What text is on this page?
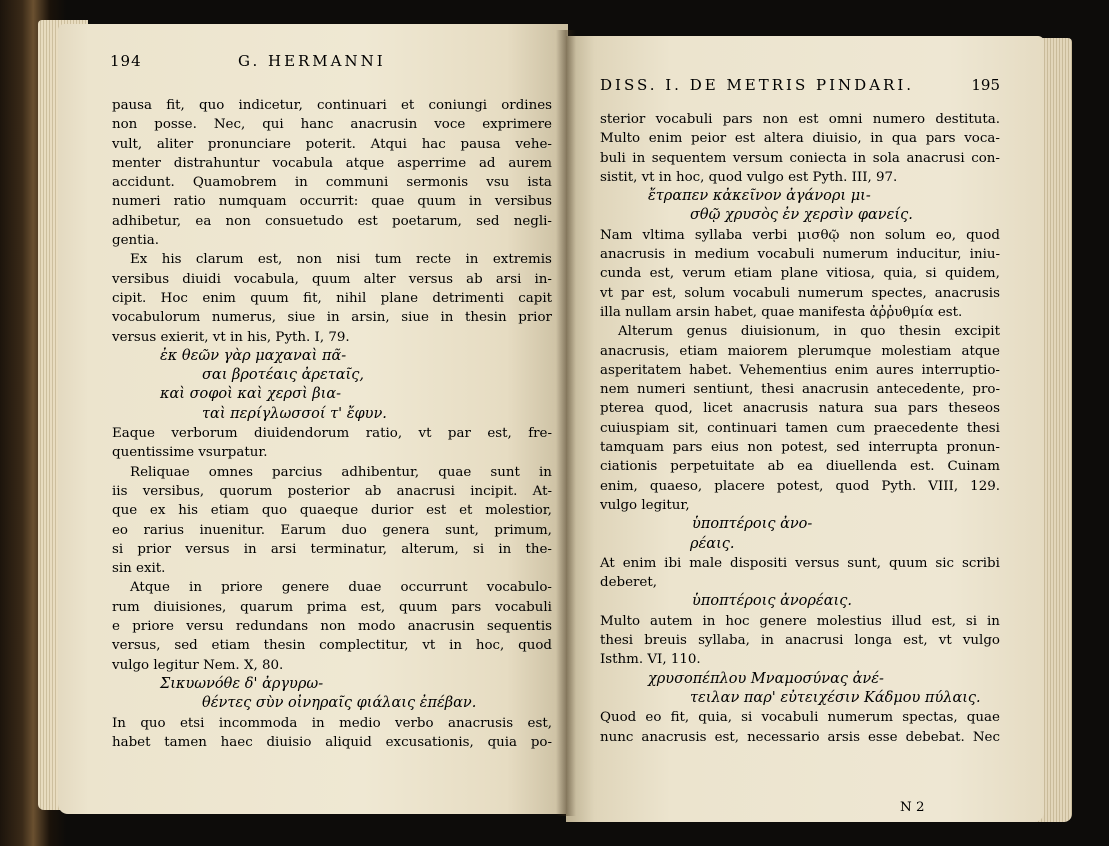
194	G. HERMANNI
DISS. I. DE METRIS PINDARI.	195
pausa fit, quo indicetur, continuari et coniungi ordines
non posse. Nec, qui hanc anacrusin voce exprimere
vult, aliter pronunciare poterit. Atqui hac pausa vehe-
menter distrahuntur vocabula atque asperrime ad aurem
accidunt. Quamobrem in communi sermonis vsu ista
numeri ratio numquam occurrit: quae quum in versibus
adhibetur, ea non consuetudo est poetarum, sed negli-
gentia.
Ex his clarum est, non nisi tum recte in extremis
versibus diuidi vocabula, quum alter versus ab arsi in-
cipit. Hoc enim quum fit, nihil plane detrimenti capit
vocabulorum numerus, siue in arsin, siue in thesin prior
versus exierit, vt in his, Pyth. I, 79.
ἐκ θεῶν γὰρ μαχαναὶ πᾶ-
σαι βροτέαις ἀρεταῖς,
καὶ σοφοὶ καὶ χερσὶ βια-
ταὶ περίγλωσσοί τ' ἔφυν.
Eaque verborum diuidendorum ratio, vt par est, fre-
quentissime vsurpatur.
Reliquae omnes parcius adhibentur, quae sunt in
iis versibus, quorum posterior ab anacrusi incipit. At-
que ex his etiam quo quaeque durior est et molestior,
eo rarius inuenitur. Earum duo genera sunt, primum,
si prior versus in arsi terminatur, alterum, si in the-
sin exit.
Atque in priore genere duae occurrunt vocabulo-
rum diuisiones, quarum prima est, quum pars vocabuli
e priore versu redundans non modo anacrusin sequentis
versus, sed etiam thesin complectitur, vt in hoc, quod
vulgo legitur Nem. X, 80.
Σικυωνόθε δ' ἀργυρω-
θέντες σὺν οἰνηραῖς φιάλαις ἐπέβαν.
In quo etsi incommoda in medio verbo anacrusis est,
habet tamen haec diuisio aliquid excusationis, quia po-
sterior vocabuli pars non est omni numero destituta.
Multo enim peior est altera diuisio, in qua pars voca-
buli in sequentem versum coniecta in sola anacrusi con-
sistit, vt in hoc, quod vulgo est Pyth. III, 97.
ἔτραπεν κἀκεῖνον ἀγάνορι μι-
σθῷ χρυσὸς ἐν χερσὶν φανείς.
Nam vltima syllaba verbi μισθῷ non solum eo, quod
anacrusis in medium vocabuli numerum inducitur, iniu-
cunda est, verum etiam plane vitiosa, quia, si quidem,
vt par est, solum vocabuli numerum spectes, anacrusis
illa nullam arsin habet, quae manifesta ἀῤῥυθμία est.
Alterum genus diuisionum, in quo thesin excipit
anacrusis, etiam maiorem plerumque molestiam atque
asperitatem habet. Vehementius enim aures interruptio-
nem numeri sentiunt, thesi anacrusin antecedente, pro-
pterea quod, licet anacrusis natura sua pars theseos
cuiuspiam sit, continuari tamen cum praecedente thesi
tamquam pars eius non potest, sed interrupta pronun-
ciationis perpetuitate ab ea diuellenda est. Cuinam
enim, quaeso, placere potest, quod Pyth. VIII, 129.
vulgo legitur,
ὑποπτέροις ἀνο-
ρέαις.
At enim ibi male dispositi versus sunt, quum sic scribi
deberet,
ὑποπτέροις ἀνορέαις.
Multo autem in hoc genere molestius illud est, si in
thesi breuis syllaba, in anacrusi longa est, vt vulgo
Isthm. VI, 110.
χρυσοπέπλου Μναμοσύνας ἀνέ-
τειλαν παρ' εὐτειχέσιν Κάδμου πύλαις.
Quod eo fit, quia, si vocabuli numerum spectas, quae
nunc anacrusis est, necessario arsis esse debebat. Nec
N 2
